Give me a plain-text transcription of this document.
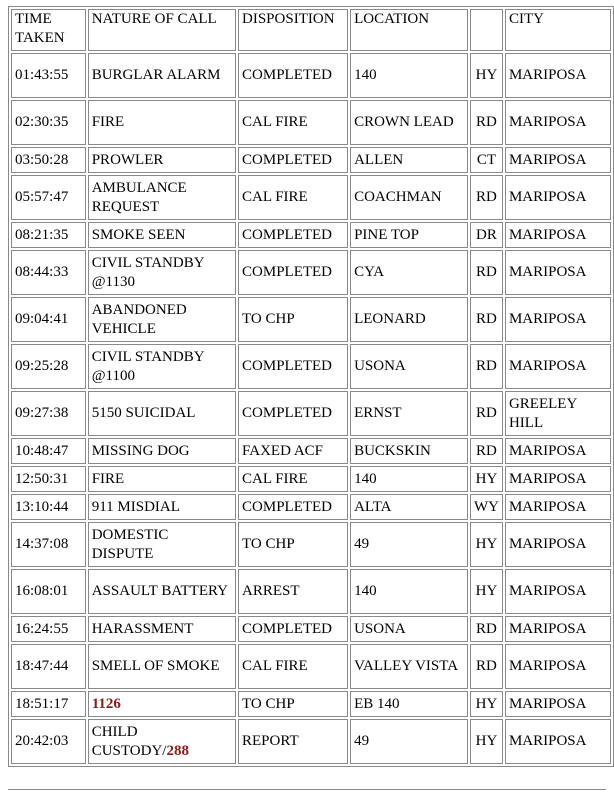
TIME TAKEN	NATURE OF CALL	DISPOSITION	LOCATION		CITY
01:43:55	BURGLAR ALARM	COMPLETED	140	HY	MARIPOSA
02:30:35	FIRE	CAL FIRE	CROWN LEAD	RD	MARIPOSA
03:50:28	PROWLER	COMPLETED	ALLEN	CT	MARIPOSA
05:57:47	AMBULANCE REQUEST	CAL FIRE	COACHMAN	RD	MARIPOSA
08:21:35	SMOKE SEEN	COMPLETED	PINE TOP	DR	MARIPOSA
08:44:33	CIVIL STANDBY @1130	COMPLETED	CYA	RD	MARIPOSA
09:04:41	ABANDONED VEHICLE	TO CHP	LEONARD	RD	MARIPOSA
09:25:28	CIVIL STANDBY @1100	COMPLETED	USONA	RD	MARIPOSA
09:27:38	5150 SUICIDAL	COMPLETED	ERNST	RD	GREELEY HILL
10:48:47	MISSING DOG	FAXED ACF	BUCKSKIN	RD	MARIPOSA
12:50:31	FIRE	CAL FIRE	140	HY	MARIPOSA
13:10:44	911 MISDIAL	COMPLETED	ALTA	WY	MARIPOSA
14:37:08	DOMESTIC DISPUTE	TO CHP	49	HY	MARIPOSA
16:08:01	ASSAULT BATTERY	ARREST	140	HY	MARIPOSA
16:24:55	HARASSMENT	COMPLETED	USONA	RD	MARIPOSA
18:47:44	SMELL OF SMOKE	CAL FIRE	VALLEY VISTA	RD	MARIPOSA
18:51:17	1126	TO CHP	EB 140	HY	MARIPOSA
20:42:03	CHILD CUSTODY/288	REPORT	49	HY	MARIPOSA
